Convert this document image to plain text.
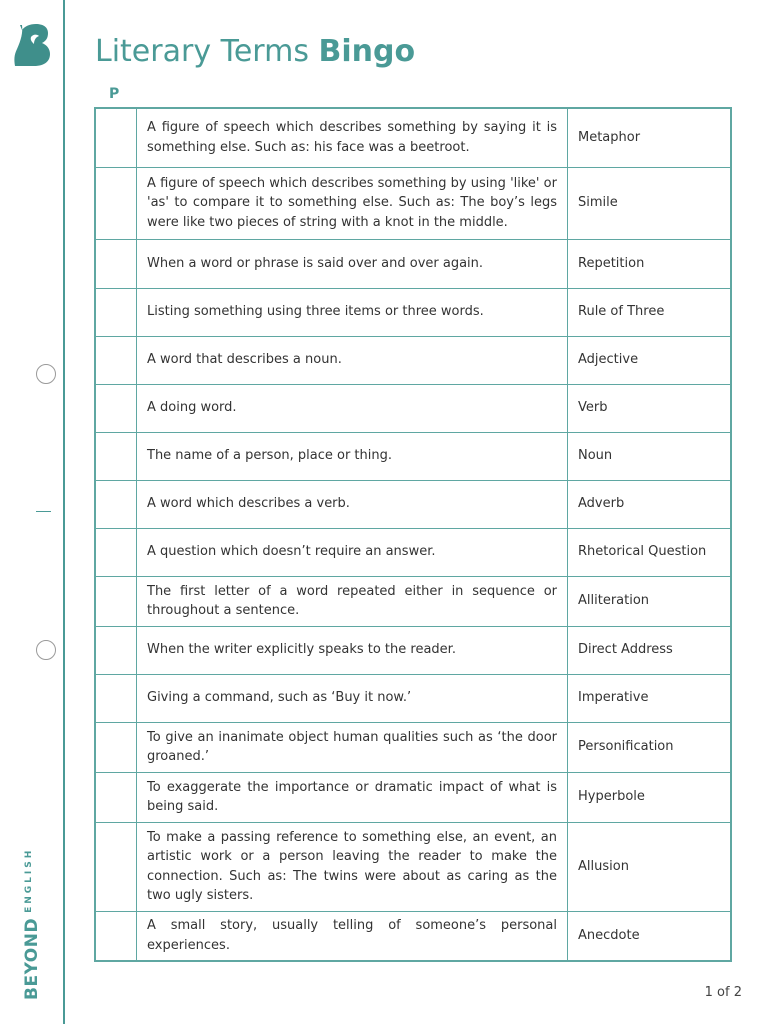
$BEYOND^{ENGLISH}$
Literary Terms Bingo
P
	A figure of speech which describes something by saying it is something else. Such as: his face was a beetroot.	Metaphor
	A figure of speech which describes something by using 'like' or 'as' to compare it to something else. Such as: The boy’s legs were like two pieces of string with a knot in the middle.	Simile
	When a word or phrase is said over and over again.	Repetition
	Listing something using three items or three words.	Rule of Three
	A word that describes a noun.	Adjective
	A doing word.	Verb
	The name of a person, place or thing.	Noun
	A word which describes a verb.	Adverb
	A question which doesn’t require an answer.	Rhetorical Question
	The first letter of a word repeated either in sequence or throughout a sentence.	Alliteration
	When the writer explicitly speaks to the reader.	Direct Address
	Giving a command, such as ‘Buy it now.’	Imperative
	To give an inanimate object human qualities such as ‘the door groaned.’	Personification
	To exaggerate the importance or dramatic impact of what is being said.	Hyperbole
	To make a passing reference to something else, an event, an artistic work or a person leaving the reader to make the connection. Such as: The twins were about as caring as the two ugly sisters.	Allusion
	A small story, usually telling of someone’s personal experiences.	Anecdote
1 of 2
